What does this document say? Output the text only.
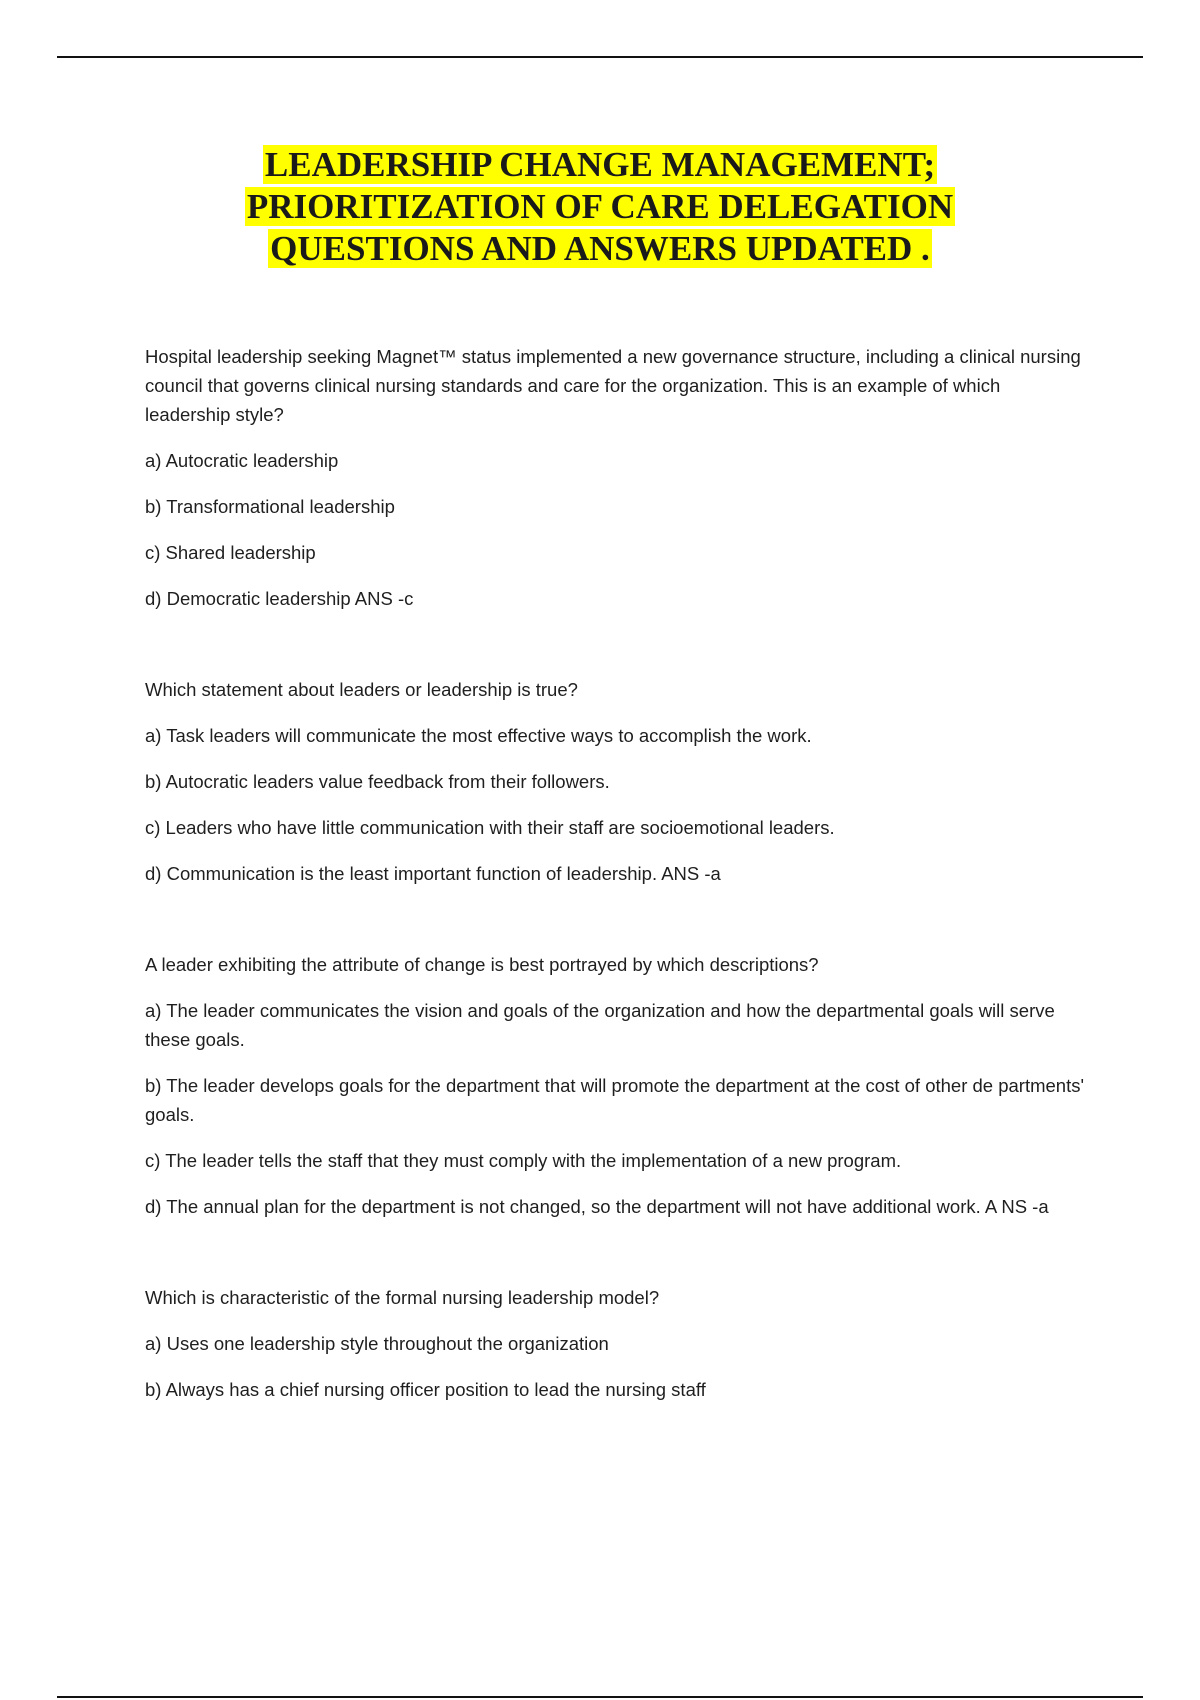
LEADERSHIP CHANGE MANAGEMENT;
PRIORITIZATION OF CARE DELEGATION
QUESTIONS AND ANSWERS UPDATED .

Hospital leadership seeking Magnet™ status implemented a new governance structure, including a clinical nursing council that governs clinical nursing standards and care for the organization. This is an example of which leadership style?

a) Autocratic leadership

b) Transformational leadership

c) Shared leadership

d) Democratic leadership ANS -c

Which statement about leaders or leadership is true?

a) Task leaders will communicate the most effective ways to accomplish the work.

b) Autocratic leaders value feedback from their followers.

c) Leaders who have little communication with their staff are socioemotional leaders.

d) Communication is the least important function of leadership. ANS -a

A leader exhibiting the attribute of change is best portrayed by which descriptions?

a) The leader communicates the vision and goals of the organization and how the departmental goals will serve these goals.

b) The leader develops goals for the department that will promote the department at the cost of other de partments' goals.

c) The leader tells the staff that they must comply with the implementation of a new program.

d) The annual plan for the department is not changed, so the department will not have additional work. A NS -a

Which is characteristic of the formal nursing leadership model?

a) Uses one leadership style throughout the organization

b) Always has a chief nursing officer position to lead the nursing staff
